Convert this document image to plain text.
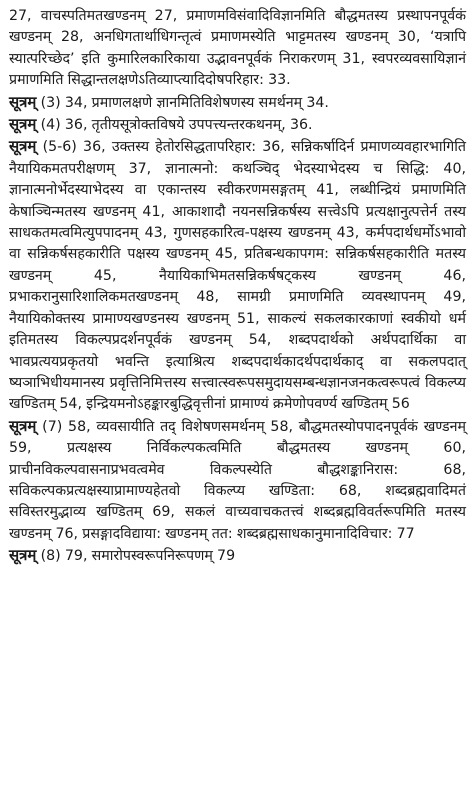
27, वाचस्पतिमतखण्डनम् 27, प्रमाणमविसंवादिविज्ञानमिति बौद्धमतस्य प्रस्थापनपूर्वकं खण्डनम् 28, अनधिगतार्थाधिगन्तृत्वं प्रमाणमस्येति भाट्टमतस्य खण्डनम् 30, ‘यत्रापि स्यात्परिच्छेद’ इति कुमारिलकारिकाया उद्भावनपूर्वकं निराकरणम् 31, स्वपरव्यवसायिज्ञानं प्रमाणमिति सिद्धान्तलक्षणेऽतिव्याप्त्यादिदोषपरिहार: 33.

सूत्रम् (3) 34, प्रमाणलक्षणे ज्ञानमितिविशेषणस्य समर्थनम् 34.

सूत्रम् (4) 36, तृतीयसूत्रोक्तविषये उपपत्त्यन्तरकथनम्, 36.

सूत्रम् (5-6) 36, उक्तस्य हेतोरसिद्धतापरिहार: 36, सन्निकर्षादिर्न प्रमाणव्यवहारभागिति नैयायिकमतपरीक्षणम् 37, ज्ञानात्मनो: कथञ्चिद् भेदस्याभेदस्य च सिद्धि: 40, ज्ञानात्मनोर्भेदस्याभेदस्य वा एकान्तस्य स्वीकरणमसङ्गतम् 41, लब्धीन्द्रियं प्रमाणमिति केषाञ्चिन्मतस्य खण्डनम् 41, आकाशादौ नयनसन्निकर्षस्य सत्त्वेऽपि प्रत्यक्षानुत्पत्तेर्न तस्य साधकतमत्वमित्युपपादनम् 43, गुणसहकारित्व-पक्षस्य खण्डनम् 43, कर्मपदार्थधर्मोऽभावो वा सन्निकर्षसहकारीति पक्षस्य खण्डनम् 45, प्रतिबन्धकापगम: सन्निकर्षसहकारीति मतस्य खण्डनम् 45, नैयायिकाभिमतसन्निकर्षषट्कस्य खण्डनम् 46, प्रभाकरानुसारिशालिकमतखण्डनम् 48, सामग्री प्रमाणमिति व्यवस्थापनम् 49, नैयायिकोक्तस्य प्रामाण्यखण्डनस्य खण्डनम् 51, साकल्यं सकलकारकाणां स्वकीयो धर्म इतिमतस्य विकल्पप्रदर्शनपूर्वकं खण्डनम् 54, शब्दपदार्थको अर्थपदार्थिका वा भावप्रत्ययप्रकृतयो भवन्ति इत्याश्रित्य शब्दपदार्थकादर्थपदार्थकाद् वा सकलपदात् ष्यञाभिधीयमानस्य प्रवृत्तिनिमित्तस्य सत्त्वात्स्वरूपसमुदायसम्बन्धज्ञानजनकत्वरूपत्वं विकल्प्य खण्डितम् 54, इन्द्रियमनोऽहङ्कारबुद्धिवृत्तीनां प्रामाण्यं क्रमेणोपवर्ण्य खण्डितम् 56

सूत्रम् (7) 58, व्यवसायीति तद् विशेषणसमर्थनम् 58, बौद्धमतस्योपपादनपूर्वकं खण्डनम् 59, प्रत्यक्षस्य निर्विकल्पकत्वमिति बौद्धमतस्य खण्डनम् 60, प्राचीनविकल्पवासनाप्रभवत्वमेव विकल्पस्येति बौद्धशङ्कानिरास: 68, सविकल्पकप्रत्यक्षस्याप्रामाण्यहेतवो विकल्प्य खण्डिता: 68, शब्दब्रह्मवादिमतं सविस्तरमुद्भाव्य खण्डितम् 69, सकलं वाच्यवाचकतत्त्वं शब्दब्रह्मविवर्तरूपमिति मतस्य खण्डनम् 76, प्रसङ्गादविद्याया: खण्डनम् तत: शब्दब्रह्मसाधकानुमानादिविचार: 77

सूत्रम् (8) 79, समारोपस्वरूपनिरूपणम् 79
